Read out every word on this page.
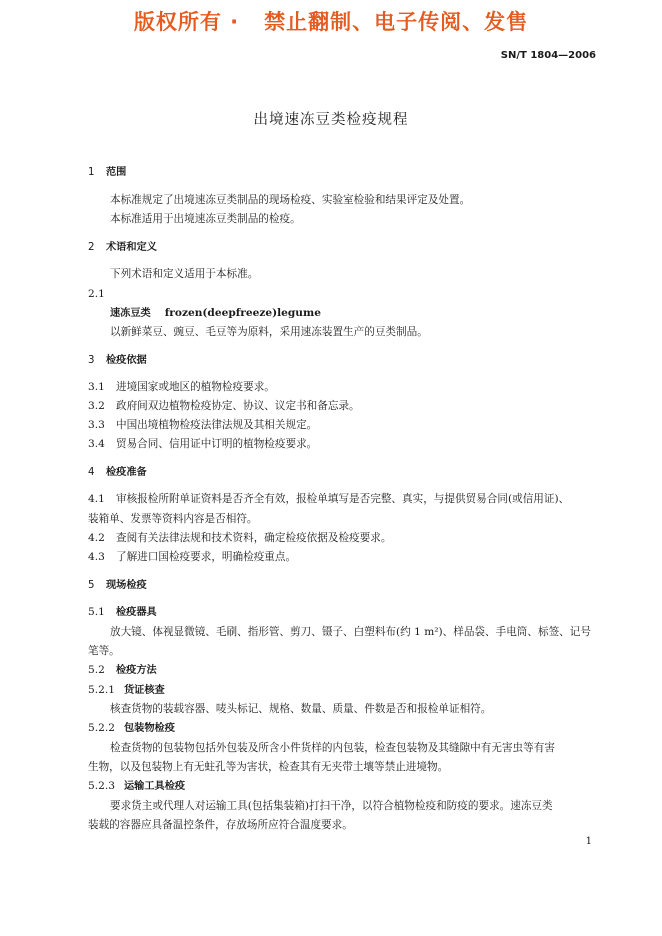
版权所有 ·   禁止翻制、电子传阅、发售
SN/T 1804—2006
出境速冻豆类检疫规程
1 范围
本标准规定了出境速冻豆类制品的现场检疫、实验室检验和结果评定及处置。
本标准适用于出境速冻豆类制品的检疫。
2 术语和定义
下列术语和定义适用于本标准。
2.1
速冻豆类 frozen(deepfreeze)legume
以新鲜菜豆、豌豆、毛豆等为原料，采用速冻装置生产的豆类制品。
3 检疫依据
3.1 进境国家或地区的植物检疫要求。
3.2 政府间双边植物检疫协定、协议、议定书和备忘录。
3.3 中国出境植物检疫法律法规及其相关规定。
3.4 贸易合同、信用证中订明的植物检疫要求。
4 检疫准备
4.1 审核报检所附单证资料是否齐全有效，报检单填写是否完整、真实，与提供贸易合同(或信用证)、
装箱单、发票等资料内容是否相符。
4.2 查阅有关法律法规和技术资料，确定检疫依据及检疫要求。
4.3 了解进口国检疫要求，明确检疫重点。
5 现场检疫
5.1 检疫器具
放大镜、体视显微镜、毛刷、指形管、剪刀、镊子、白塑料布(约 1 m²)、样品袋、手电筒、标签、记号
笔等。
5.2 检疫方法
5.2.1 货证核查
核查货物的装载容器、唛头标记、规格、数量、质量、件数是否和报检单证相符。
5.2.2 包装物检疫
检查货物的包装物包括外包装及所含小件货样的内包装，检查包装物及其缝隙中有无害虫等有害
生物，以及包装物上有无蛀孔等为害状，检查其有无夹带土壤等禁止进境物。
5.2.3 运输工具检疫
要求货主或代理人对运输工具(包括集装箱)打扫干净，以符合植物检疫和防疫的要求。速冻豆类
装载的容器应具备温控条件，存放场所应符合温度要求。
1
